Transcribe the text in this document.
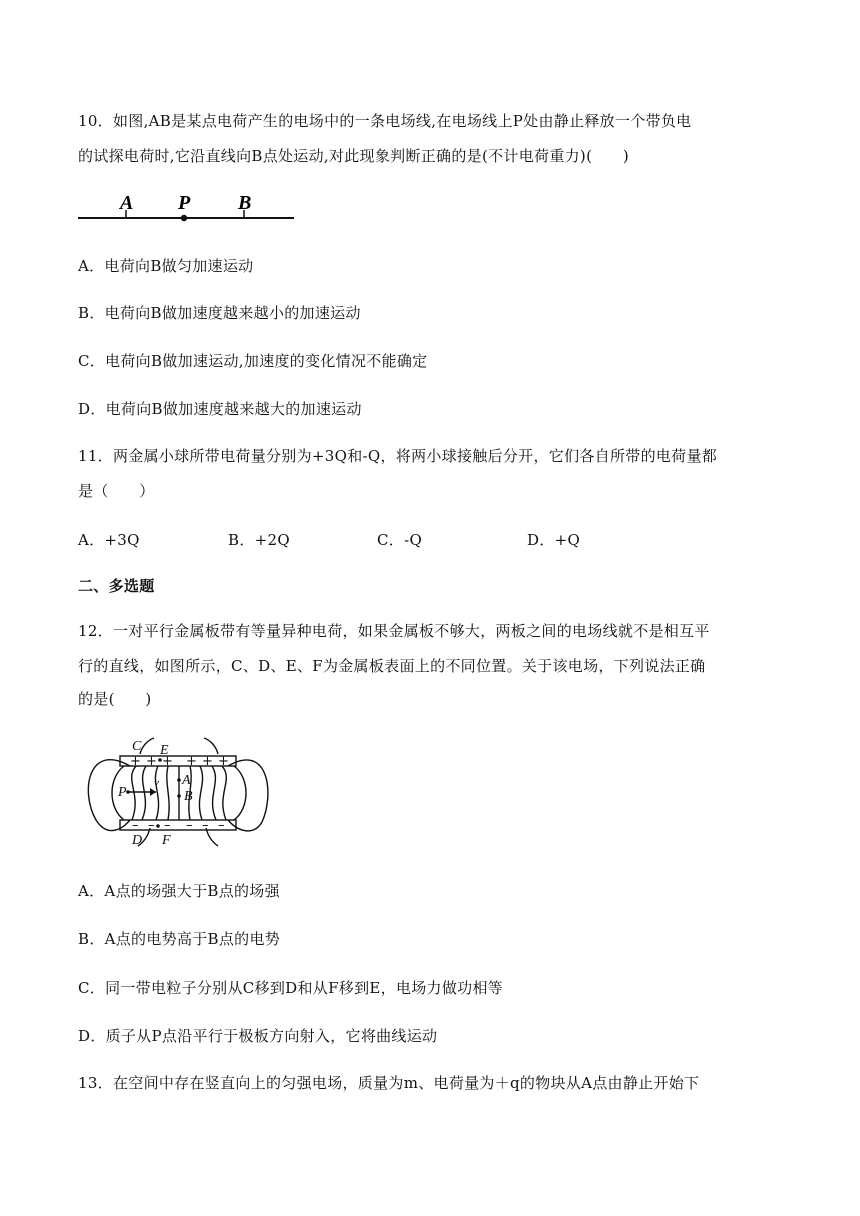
10．如图,AB是某点电荷产生的电场中的一条电场线,在电场线上P处由静止释放一个带负电
的试探电荷时,它沿直线向B点处运动,对此现象判断正确的是(不计电荷重力)(　　)
A P B
A．电荷向B做匀加速运动
B．电荷向B做加速度越来越小的加速运动
C．电荷向B做加速运动,加速度的变化情况不能确定
D．电荷向B做加速度越来越大的加速运动
11．两金属小球所带电荷量分别为+3Q和-Q，将两小球接触后分开，它们各自所带的电荷量都
是（　　）
A．+3Q	B．+2Q	C．-Q	D．+Q
二、多选题
12．一对平行金属板带有等量异种电荷，如果金属板不够大，两板之间的电场线就不是相互平
行的直线，如图所示，C、D、E、F为金属板表面上的不同位置。关于该电场，下列说法正确
的是(　　)
+ + + + + +
– – – – – –
C E
P
A
B
D F
v
A．A点的场强大于B点的场强
B．A点的电势高于B点的电势
C．同一带电粒子分别从C移到D和从F移到E，电场力做功相等
D．质子从P点沿平行于极板方向射入，它将曲线运动
13．在空间中存在竖直向上的匀强电场，质量为m、电荷量为＋q的物块从A点由静止开始下
